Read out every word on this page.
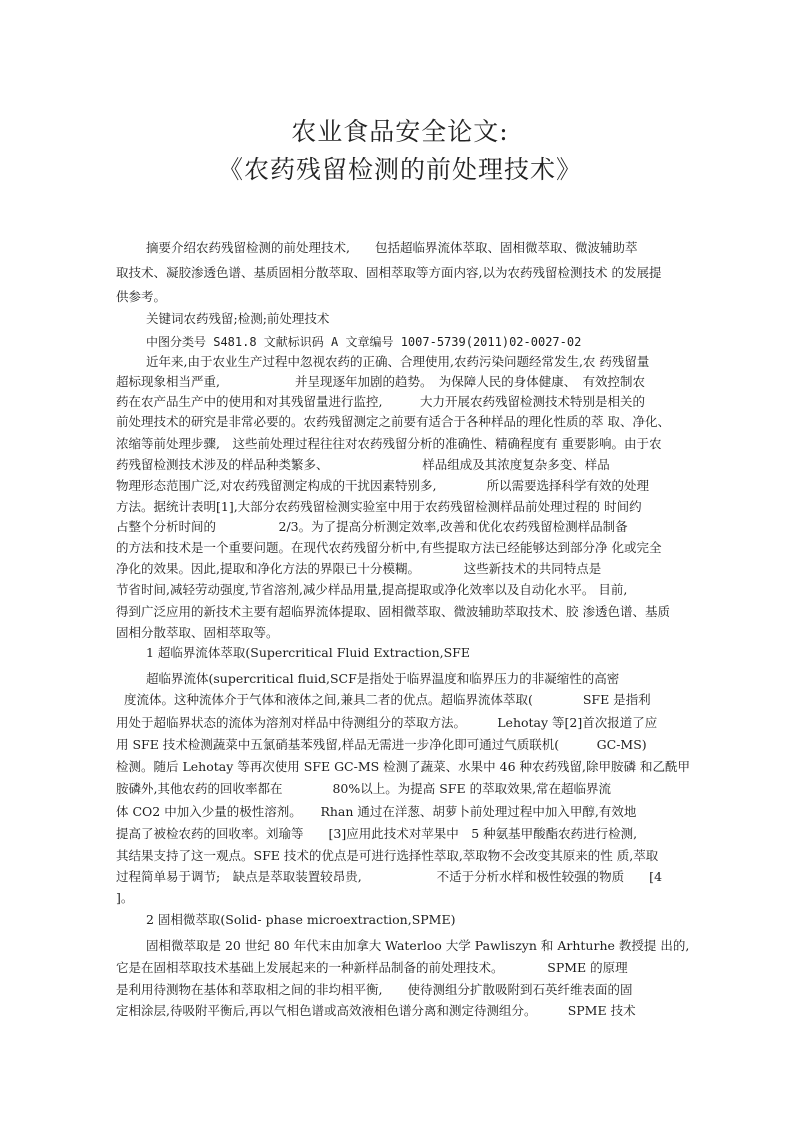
农业食品安全论文:
《农药残留检测的前处理技术》
摘要介绍农药残留检测的前处理技术,　　包括超临界流体萃取、固相微萃取、微波辅助萃
取技术、凝胶渗透色谱、基质固相分散萃取、固相萃取等方面内容,以为农药残留检测技术 的发展提
供参考。
关键词农药残留;检测;前处理技术
中图分类号 S481.8 文献标识码 A 文章编号 1007-5739(2011)02-0027-02
近年来,由于农业生产过程中忽视农药的正确、合理使用,农药污染问题经常发生,农 药残留量
超标现象相当严重,　　　　　　并呈现逐年加剧的趋势。　为保障人民的身体健康、　有效控制农
药在农产品生产中的使用和对其残留量进行监控,　　　大力开展农药残留检测技术特别是相关的
前处理技术的研究是非常必要的。农药残留测定之前要有适合于各种样品的理化性质的萃 取、净化、
浓缩等前处理步骤,　这些前处理过程往往对农药残留分析的准确性、精确程度有 重要影响。由于农
药残留检测技术涉及的样品种类繁多、　　　　　　　　样品组成及其浓度复杂多变、样品
物理形态范围广泛,对农药残留测定构成的干扰因素特别多,　　　　所以需要选择科学有效的处理
方法。据统计表明[1],大部分农药残留检测实验室中用于农药残留检测样品前处理过程的 时间约
占整个分析时间的　　　　　2/3。为了提高分析测定效率,改善和优化农药残留检测样品制备
的方法和技术是一个重要问题。在现代农药残留分析中,有些提取方法已经能够达到部分净 化或完全
净化的效果。因此,提取和净化方法的界限已十分模糊。　　　　这些新技术的共同特点是
节省时间,减轻劳动强度,节省溶剂,减少样品用量,提高提取或净化效率以及自动化水平。 目前,
得到广泛应用的新技术主要有超临界流体提取、固相微萃取、微波辅助萃取技术、胶 渗透色谱、基质
固相分散萃取、固相萃取等。
1 超临界流体萃取(Supercritical Fluid Extraction,SFE
超临界流体(supercritical fluid,SCF是指处于临界温度和临界压力的非凝缩性的高密
度流体。这种流体介于气体和液体之间,兼具二者的优点。超临界流体萃取(　　　　SFE 是指利
用处于超临界状态的流体为溶剂对样品中待测组分的萃取方法。　　　Lehotay 等[2]首次报道了应
用 SFE 技术检测蔬菜中五氯硝基苯残留,样品无需进一步净化即可通过气质联机(　　　GC-MS)
检测。随后 Lehotay 等再次使用 SFE GC-MS 检测了蔬菜、水果中 46 种农药残留,除甲胺磷 和乙酰甲
胺磷外,其他农药的回收率都在　　　　80%以上。为提高 SFE 的萃取效果,常在超临界流
体 CO2 中加入少量的极性溶剂。　　Rhan 通过在洋葱、胡萝卜前处理过程中加入甲醇,有效地
提高了被检农药的回收率。刘瑜等　　[3]应用此技术对苹果中　5 种氨基甲酸酯农药进行检测,
其结果支持了这一观点。SFE 技术的优点是可进行选择性萃取,萃取物不会改变其原来的性 质,萃取
过程简单易于调节;　缺点是萃取装置较昂贵,　　　　　　不适于分析水样和极性较强的物质　　[4
]。
2 固相微萃取(Solid- phase microextraction,SPME)
固相微萃取是 20 世纪 80 年代末由加拿大 Waterloo 大学 Pawliszyn 和 Arhturhe 教授提 出的,
它是在固相萃取技术基础上发展起来的一种新样品制备的前处理技术。　　　　SPME 的原理
是利用待测物在基体和萃取相之间的非均相平衡,　　使待测组分扩散吸附到石英纤维表面的固
定相涂层,待吸附平衡后,再以气相色谱或高效液相色谱分离和测定待测组分。　　　SPME 技术
